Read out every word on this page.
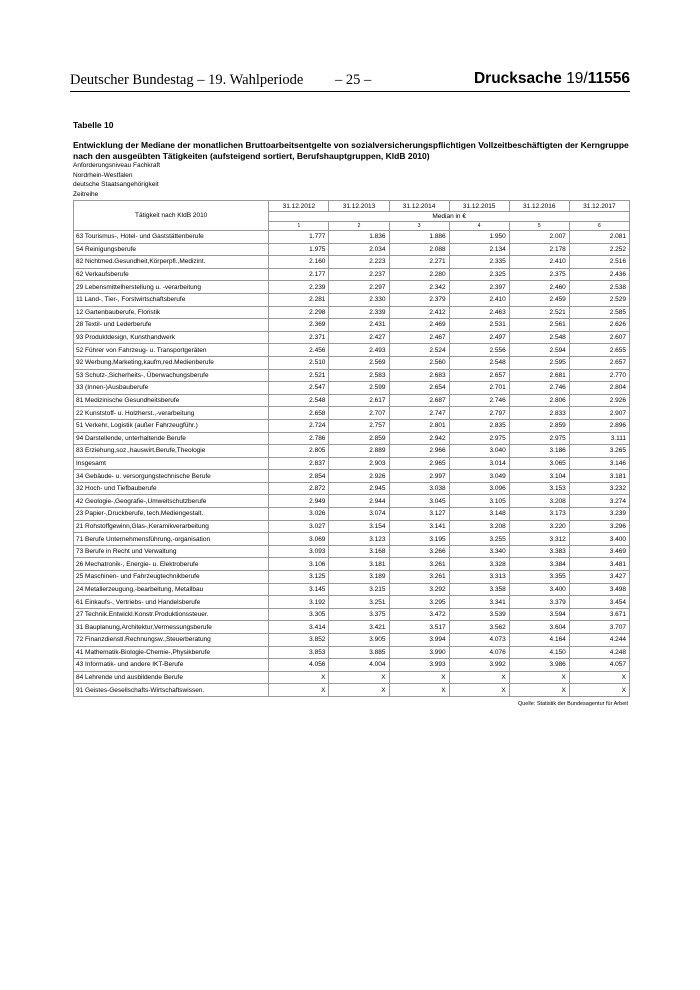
Deutscher Bundestag – 19. Wahlperiode – 25 –	Drucksache 19/11556
Tabelle 10
Entwicklung der Mediane der monatlichen Bruttoarbeitsentgelte von sozialversicherungspflichtigen Vollzeitbeschäftigten der Kerngruppe nach den ausgeübten Tätigkeiten (aufsteigend sortiert, Berufshauptgruppen, KldB 2010)
Anforderungsniveau Fachkraft
Nordrhein-Westfalen
deutsche Staatsangehörigkeit
Zeitreihe
Tätigkeit nach KldB 2010	31.12.2012	31.12.2013	31.12.2014	31.12.2015	31.12.2016	31.12.2017
	Median in €					
	1	2	3	4	5	6
63 Tourismus-, Hotel- und Gaststättenberufe	1.777	1.836	1.886	1.950	2.007	2.081
54 Reinigungsberufe	1.975	2.034	2.088	2.134	2.178	2.252
82 Nichtmed.Gesundheit,Körperpfl.,Medizint.	2.160	2.223	2.271	2.335	2.410	2.516
62 Verkaufsberufe	2.177	2.237	2.280	2.325	2.375	2.436
29 Lebensmittelherstellung u. -verarbeitung	2.239	2.297	2.342	2.397	2.460	2.538
11 Land-, Tier-, Forstwirtschaftsberufe	2.281	2.330	2.379	2.410	2.459	2.529
12 Gartenbauberufe, Floristik	2.298	2.339	2.412	2.463	2.521	2.585
28 Textil- und Lederberufe	2.369	2.431	2.469	2.531	2.561	2.626
93 Produktdesign, Kunsthandwerk	2.371	2.427	2.467	2.497	2.548	2.607
52 Führer von Fahrzeug- u. Transportgeräten	2.456	2.493	2.524	2.556	2.594	2.655
92 Werbung,Marketing,kaufm,red.Medienberufe	2.510	2.569	2.560	2.548	2.595	2.657
53 Schutz-,Sicherheits-, Überwachungsberufe	2.521	2.583	2.683	2.657	2.681	2.770
33 (Innen-)Ausbauberufe	2.547	2.599	2.654	2.701	2.746	2.804
81 Medizinische Gesundheitsberufe	2.548	2.617	2.687	2.746	2.806	2.926
22 Kunststoff- u. Holzherst.,-verarbeitung	2.658	2.707	2.747	2.797	2.833	2.907
51 Verkehr, Logistik (außer Fahrzeugführ.)	2.724	2.757	2.801	2.835	2.859	2.896
94 Darstellende, unterhaltende Berufe	2.786	2.859	2.942	2.975	2.975	3.111
83 Erziehung,soz.,hauswirt.Berufe,Theologie	2.805	2.889	2.966	3.040	3.186	3.265
Insgesamt	2.837	2.903	2.965	3.014	3.065	3.146
34 Gebäude- u. versorgungstechnische Berufe	2.854	2.926	2.997	3.049	3.104	3.181
32 Hoch- und Tiefbauberufe	2.872	2.945	3.038	3.096	3.153	3.232
42 Geologie-,Geografie-,Umweltschutzberufe	2.949	2.944	3.045	3.105	3.208	3.274
23 Papier-,Druckberufe, tech.Mediengestalt.	3.026	3.074	3.127	3.148	3.173	3.239
21 Rohstoffgewinn,Glas-,Keramikverarbeitung	3.027	3.154	3.141	3.208	3.220	3.296
71 Berufe Unternehmensführung,-organisation	3.069	3.123	3.195	3.255	3.312	3.400
73 Berufe in Recht und Verwaltung	3.093	3.168	3.266	3.340	3.383	3.469
26 Mechatronik-, Energie- u. Elektroberufe	3.106	3.181	3.261	3.328	3.384	3.481
25 Maschinen- und Fahrzeugtechnikberufe	3.125	3.189	3.261	3.313	3.355	3.427
24 Metallerzeugung,-bearbeitung, Metallbau	3.145	3.215	3.292	3.358	3.400	3.498
61 Einkaufs-, Vertriebs- und Handelsberufe	3.192	3.251	3.295	3.341	3.379	3.454
27 Technik.Entwickl.Konstr.Produktionssteuer.	3.305	3.375	3.472	3.539	3.594	3.671
31 Bauplanung,Architektur,Vermessungsberufe	3.414	3.421	3.517	3.562	3.604	3.707
72 Finanzdienstl.Rechnungsw.,Steuerberatung	3.852	3.905	3.994	4.073	4.164	4.244
41 Mathematik-Biologie-Chemie-,Physikberufe	3.853	3.885	3.990	4.076	4.150	4.248
43 Informatik- und andere IKT-Berufe	4.056	4.004	3.993	3.992	3.986	4.057
84 Lehrende und ausbildende Berufe	X	X	X	X	X	X
91 Geistes-Gesellschafts-Wirtschaftswissen.	X	X	X	X	X	X
Quelle: Statistik der Bundesagentur für Arbeit
